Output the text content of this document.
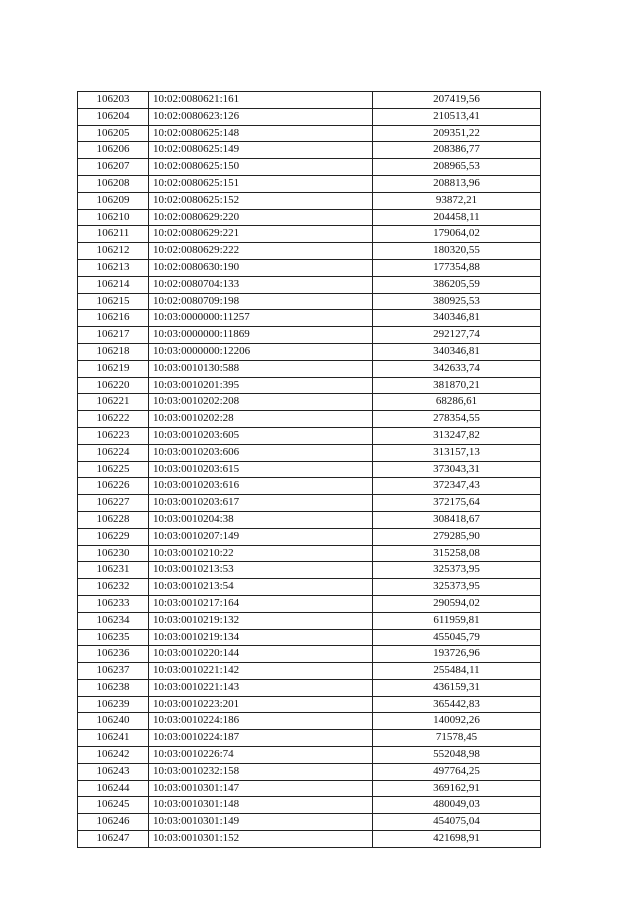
106203	10:02:0080621:161	207419,56
106204	10:02:0080623:126	210513,41
106205	10:02:0080625:148	209351,22
106206	10:02:0080625:149	208386,77
106207	10:02:0080625:150	208965,53
106208	10:02:0080625:151	208813,96
106209	10:02:0080625:152	93872,21
106210	10:02:0080629:220	204458,11
106211	10:02:0080629:221	179064,02
106212	10:02:0080629:222	180320,55
106213	10:02:0080630:190	177354,88
106214	10:02:0080704:133	386205,59
106215	10:02:0080709:198	380925,53
106216	10:03:0000000:11257	340346,81
106217	10:03:0000000:11869	292127,74
106218	10:03:0000000:12206	340346,81
106219	10:03:0010130:588	342633,74
106220	10:03:0010201:395	381870,21
106221	10:03:0010202:208	68286,61
106222	10:03:0010202:28	278354,55
106223	10:03:0010203:605	313247,82
106224	10:03:0010203:606	313157,13
106225	10:03:0010203:615	373043,31
106226	10:03:0010203:616	372347,43
106227	10:03:0010203:617	372175,64
106228	10:03:0010204:38	308418,67
106229	10:03:0010207:149	279285,90
106230	10:03:0010210:22	315258,08
106231	10:03:0010213:53	325373,95
106232	10:03:0010213:54	325373,95
106233	10:03:0010217:164	290594,02
106234	10:03:0010219:132	611959,81
106235	10:03:0010219:134	455045,79
106236	10:03:0010220:144	193726,96
106237	10:03:0010221:142	255484,11
106238	10:03:0010221:143	436159,31
106239	10:03:0010223:201	365442,83
106240	10:03:0010224:186	140092,26
106241	10:03:0010224:187	71578,45
106242	10:03:0010226:74	552048,98
106243	10:03:0010232:158	497764,25
106244	10:03:0010301:147	369162,91
106245	10:03:0010301:148	480049,03
106246	10:03:0010301:149	454075,04
106247	10:03:0010301:152	421698,91
